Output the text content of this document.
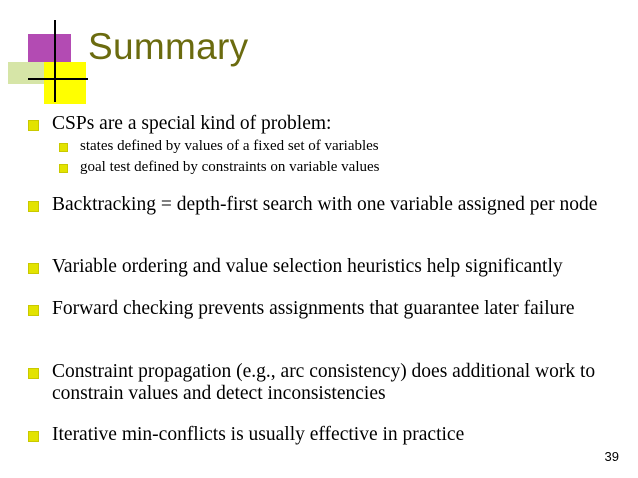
Summary
CSPs are a special kind of problem:
states defined by values of a fixed set of variables
goal test defined by constraints on variable values
Backtracking = depth-first search with one variable assigned per node
Variable ordering and value selection heuristics help significantly
Forward checking prevents assignments that guarantee later failure
Constraint propagation (e.g., arc consistency) does additional work to constrain values and detect inconsistencies
Iterative min-conflicts is usually effective in practice
39
